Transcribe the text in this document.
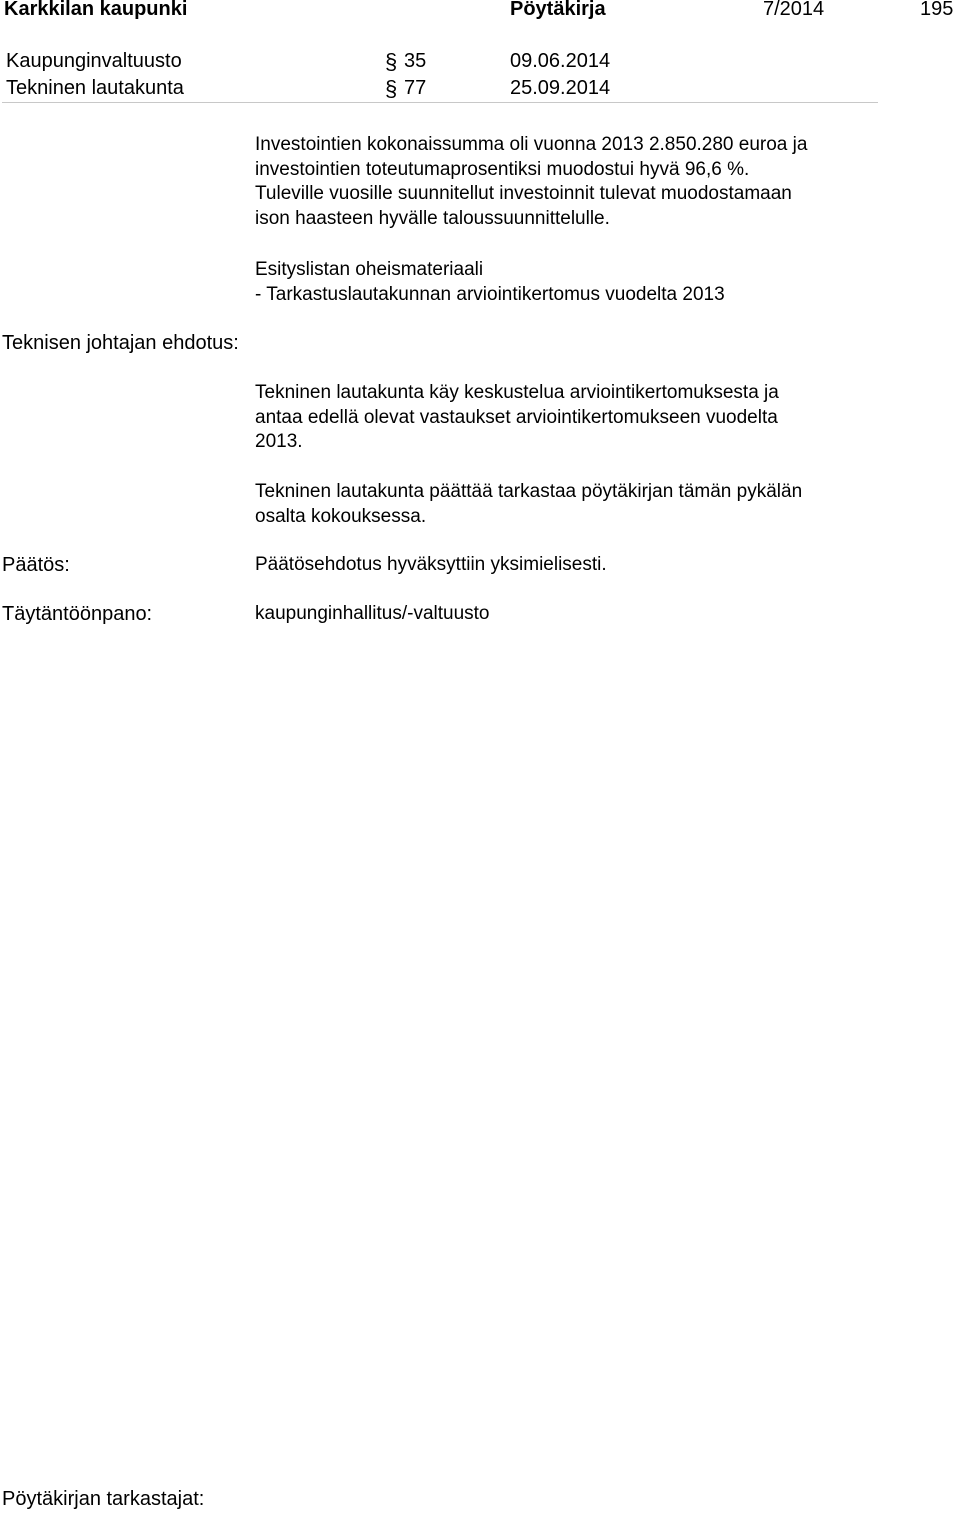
Karkkilan kaupunki	Pöytäkirja	7/2014	195
Kaupunginvaltuusto	§ 35	09.06.2014
Tekninen lautakunta	§ 77	25.09.2014

Investointien kokonaissumma oli vuonna 2013 2.850.280 euroa ja

investointien toteutumaprosentiksi muodostui hyvä 96,6 %.

Tuleville vuosille suunnitellut investoinnit tulevat muodostamaan

ison haasteen hyvälle taloussuunnittelulle.

Esityslistan oheismateriaali

- Tarkastuslautakunnan arviointikertomus vuodelta 2013

Teknisen johtajan ehdotus:

Tekninen lautakunta käy keskustelua arviointikertomuksesta ja

antaa edellä olevat vastaukset arviointikertomukseen vuodelta

2013.

Tekninen lautakunta päättää tarkastaa pöytäkirjan tämän pykälän

osalta kokouksessa.

Päätös:	Päätösehdotus hyväksyttiin yksimielisesti.
Täytäntöönpano:	kaupunginhallitus/-valtuusto
Pöytäkirjan tarkastajat:
